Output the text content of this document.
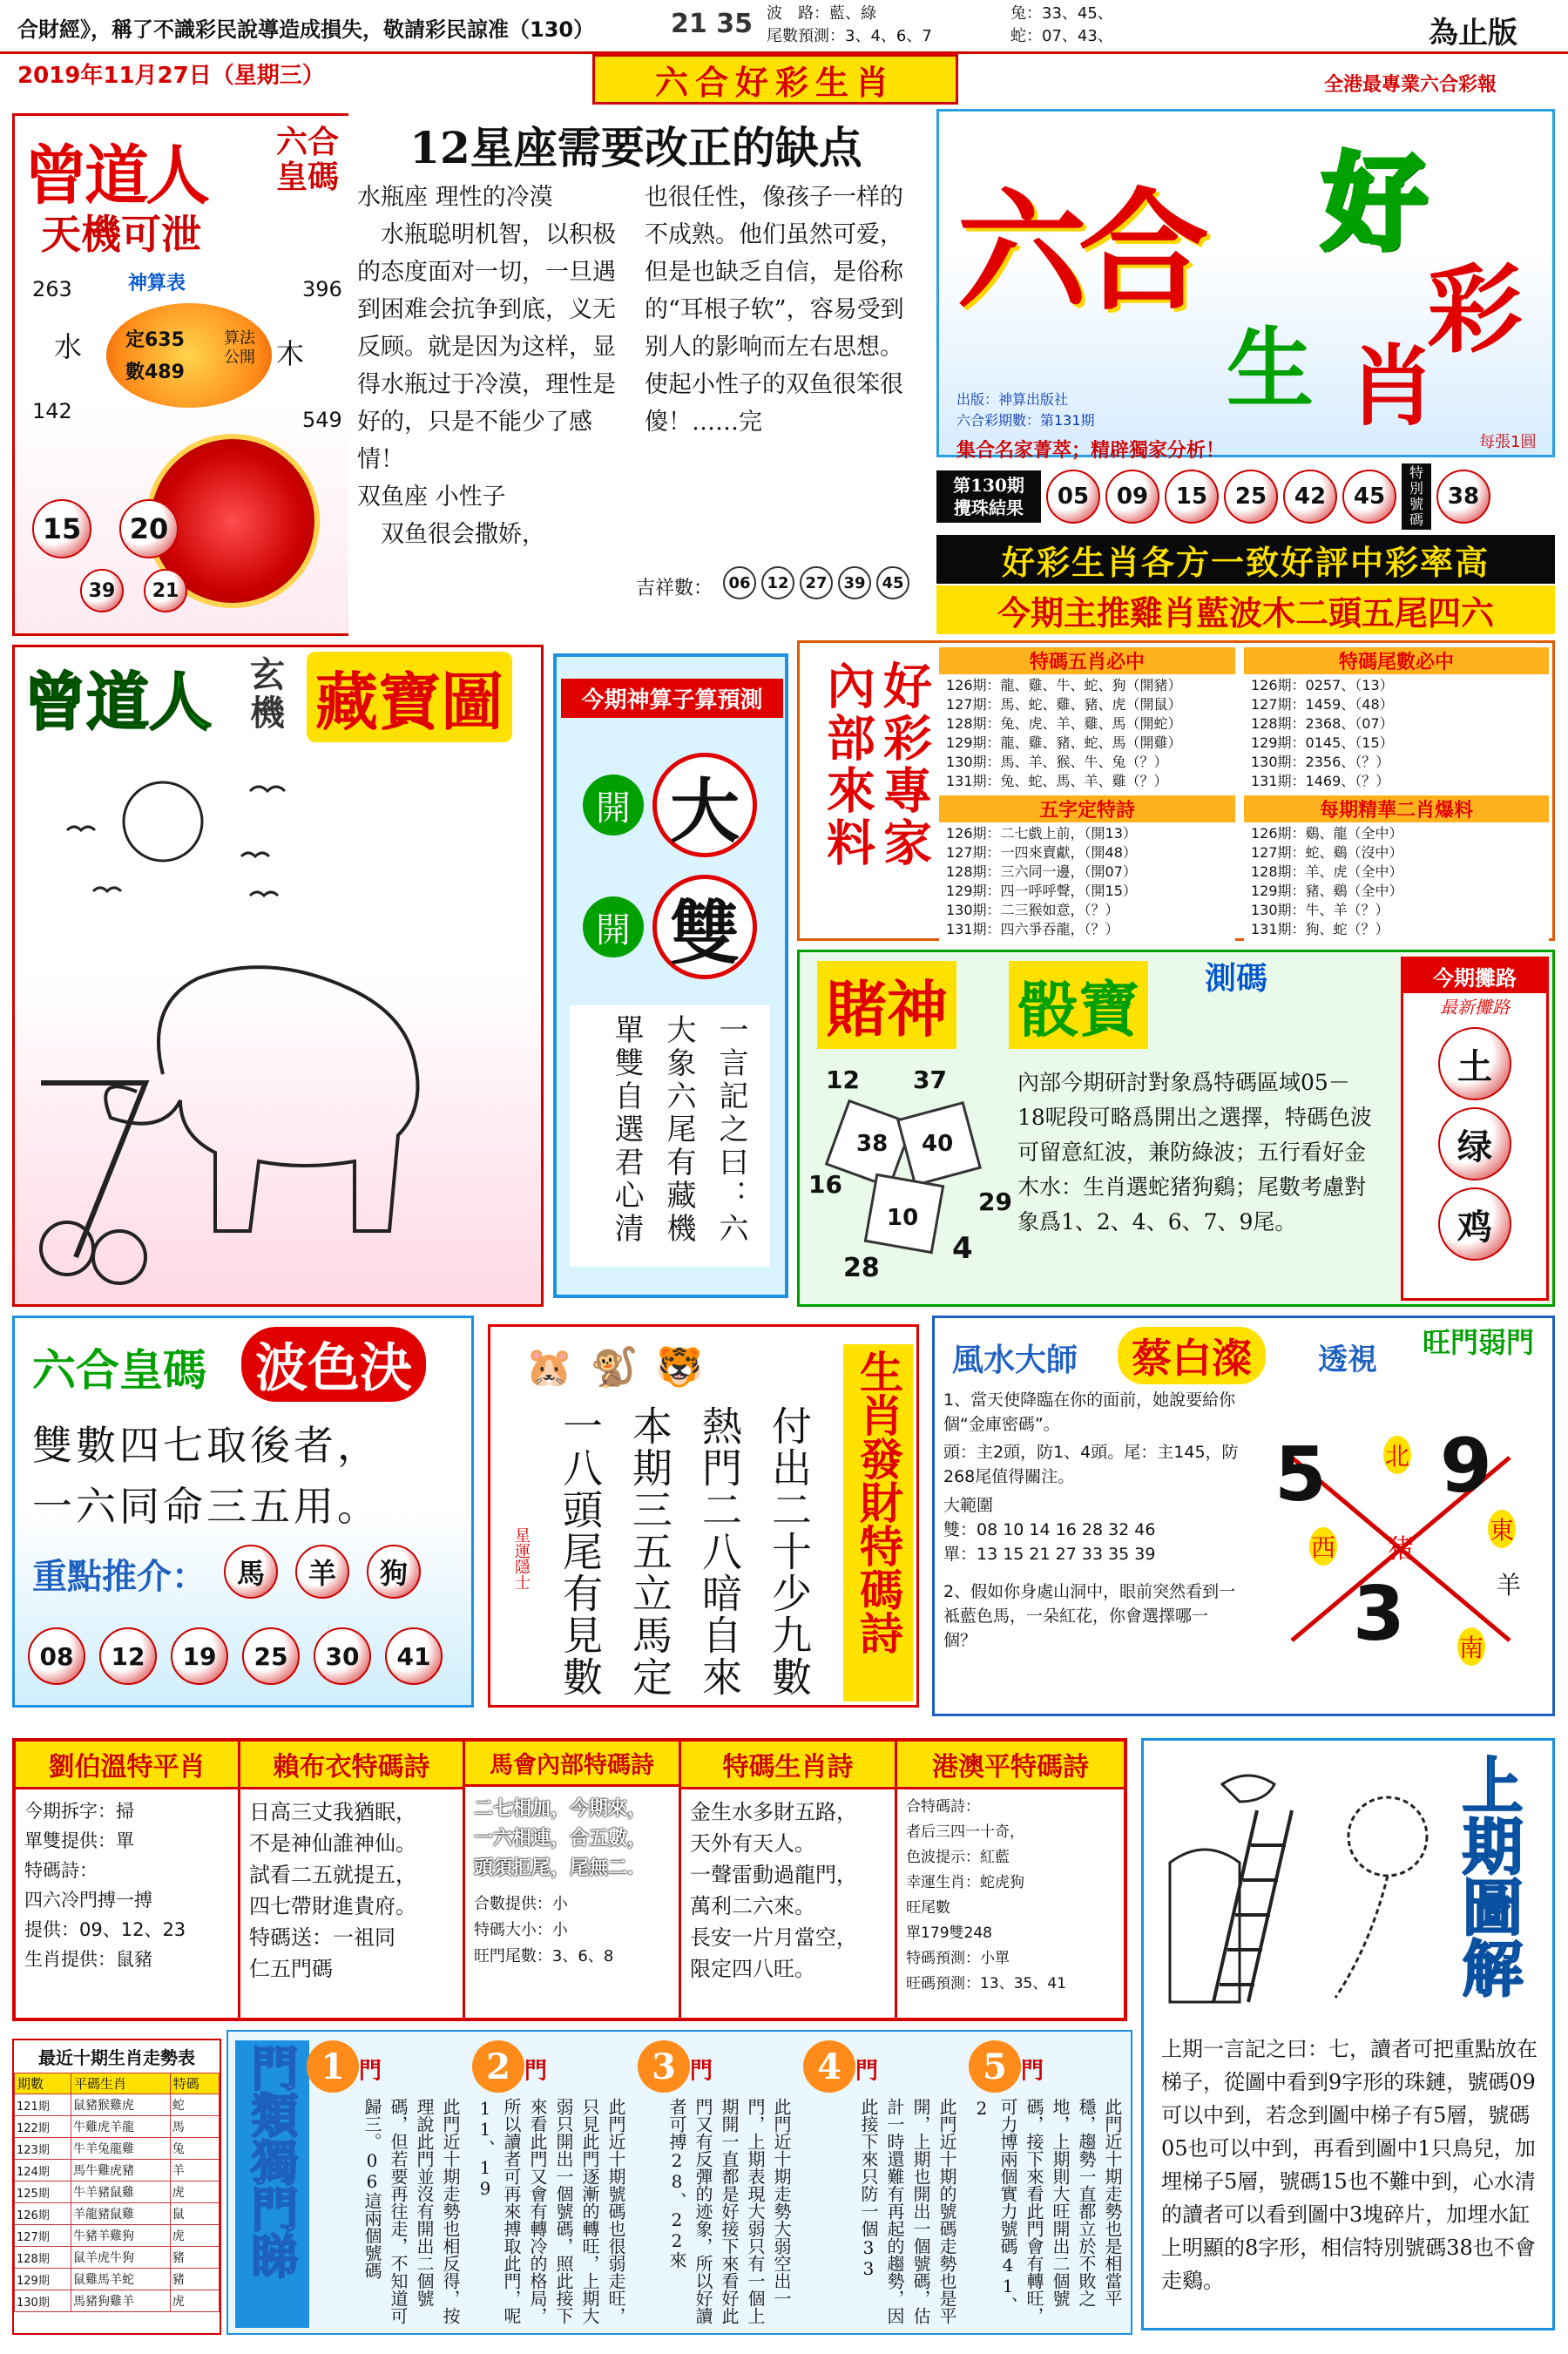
合財經》，稱了不識彩民說導造成損失，敬請彩民諒准（130）	21 35 波　路：藍、綠
尾數預測：3、4、6、7
兔：33、45、
蛇：07、43、	為止版
2019年11月27日（星期三）	六合好彩生肖	全港最專業六合彩報
曾道人 六合皇碼
天機可泄
神算表
263	396
142	549
水	木
定635
數489
算法公開
15	20
39	21
12星座需要改正的缺点
水瓶座 理性的冷漠
　水瓶聪明机智，以积极的态度面对一切，一旦遇到困难会抗争到底，义无反顾。就是因为这样，显得水瓶过于冷漠，理性是好的，只是不能少了感情！
双鱼座 小性子
　双鱼很会撒娇，
也很任性，像孩子一样的不成熟。他们虽然可爱，但是也缺乏自信，是俗称的“耳根子软”，容易受到别人的影响而左右思想。使起小性子的双鱼很笨很傻！……完
吉祥數：	06	12	27	39	45
六合 好
彩
生 肖
出版：神算出版社
六合彩期數：第131期
每張1圓
集合名家菁萃；精辟獨家分析！
第130期
攪珠結果	05	09	15	25	42	45
特別號碼
38
好彩生肖各方一致好評中彩率高
今期主推雞肖藍波木二頭五尾四六
曾道人 玄機 藏寶圖	今期神算子算預測
開 大
開 雙
一言記之曰：六
大象六尾有藏機
單雙自選君心清
內部來料 好彩專家	特碼五肖必中
126期：龍、雞、牛、蛇、狗（開豬）
127期：馬、蛇、雞、豬、虎（開鼠）
128期：兔、虎、羊、雞、馬（開蛇）
129期：龍、雞、豬、蛇、馬（開雞）
130期：馬、羊、猴、牛、兔（？）
131期：兔、蛇、馬、羊、雞（？）
特碼尾數必中
126期：0257、（13）
127期：1459、（48）
128期：2368、（07）
129期：0145、（15）
130期：2356、（？）
131期：1469、（？）
五字定特詩
126期：二七戲上前，（開13）
127期：一四來賣獻，（開48）
128期：三六同一邊，（開07）
129期：四一呼呼聲，（開15）
130期：二三猴如意，（？）
131期：四六爭吞龍，（？）
每期精華二肖爆料
126期：鷄、龍（全中）
127期：蛇、鷄（沒中）
128期：羊、虎（全中）
129期：豬、鷄（全中）
130期：牛、羊（？）
131期：狗、蛇（？）
賭神 骰寶 測碼
12 37
38 40
16
29
10
4
28
內部今期研討對象爲特碼區域05－18呢段可略爲開出之選擇，特碼色波可留意紅波，兼防綠波；五行看好金木水：生肖選蛇猪狗鷄；尾數考慮對象爲1、2、4、6、7、9尾。
今期攤路
最新攤路
土
绿
鸡
六合皇碼 波色決
雙數四七取後者，
一六同命三五用。
重點推介：	馬	羊	狗
08	12	19	25	30	41
🐹🐒🐯
付出二十少九數
熱門二八暗自來
本期三五立馬定
一八頭尾有見數
星運隱士	生肖發財特碼詩 風水大師	蔡白澯	透視 旺門弱門
1、當天使降臨在你的面前，她說要給你個“金庫密碼”。
頭：主2頭，防1、4頭。尾：主145，防268尾值得關注。
大範圍
雙：08 10 14 16 28 32 46
單：13 15 21 27 33 35 39
2、假如你身處山洞中，眼前突然看到一袛藍色馬，一朵紅花，你會選擇哪一個？
5 9
3
北
西
東
南
猪
羊
劉伯溫特平肖
今期拆字：掃
單雙提供：單
特碼詩：
四六冷門搏一搏
提供：09、12、23
生肖提供：鼠豬
賴布衣特碼詩
日高三丈我猶眠，
不是神仙誰神仙。
試看二五就提五，
四七帶財進貴府。
特碼送：一祖同
仁五門碼
馬會內部特碼詩
二七相加，今期來，
一六相連，合五數，
頭須拒尾，尾無二．
合數提供：小
特碼大小：小
旺門尾數：3、6、8
特碼生肖詩
金生水多財五路，
天外有天人。
一聲雷動過龍門，
萬利二六來。
長安一片月當空，
限定四八旺。
港澳平特碼詩
合特碼詩：
者后三四一十奇，
色波提示：紅藍
幸運生肖：蛇虎狗
旺尾數
單179雙248
特碼預測：小單
旺碼預測：13、35、41	上期圖解
上期一言記之曰：七，讀者可把重點放在梯子，從圖中看到9字形的珠鏈，號碼09可以中到，若念到圖中梯子有5層，號碼05也可以中到，再看到圖中1只鳥兒，加埋梯子5層，號碼15也不難中到，心水清的讀者可以看到圖中3塊碎片，加埋水缸上明顯的8字形，相信特別號碼38也不會走鷄。
最近十期生肖走勢表
期數	平碼生肖	特碼
121期	鼠豬猴雞虎	蛇
122期	牛雞虎羊龍	馬
123期	牛羊兔龍雞	兔
124期	馬牛雞虎豬	羊
125期	牛羊豬鼠雞	虎
126期	羊龍豬鼠雞	鼠
127期	牛豬羊雞狗	虎
128期	鼠羊虎牛狗	豬
129期	鼠雞馬羊蛇	豬
130期	馬豬狗雞羊	虎
門類獨門睇 1 門
此門近十期走勢也相反得，按理說此門並沒有開出二個號碼，但若要再往走，不知道可歸三。06這兩個號碼
2 門
此門近十期號碼也很弱走旺，只見此門逐漸的轉旺，上期大弱只開出一個號碼，照此接下來看此門又會有轉冷的格局，所以讀者可再來搏取此門，呢11、19
3 門
此門近十期走勢大弱空出一門，上期表現大弱只有一個上期開一直都是好接下來看好此門又有反彈的迹象，所以好讀者可搏28、22來
4 門
此門近十期的號碼走勢也是平開，上期也開出一個號碼，估計一時還難有再起的趨勢，因此接下來只防一個33
5 門
此門近十期走勢也是相當平穩，趨勢一直都立於不敗之地，上期則大旺開出二個號碼，接下來看此門會有轉旺，可力博兩個實力號碼41、2
